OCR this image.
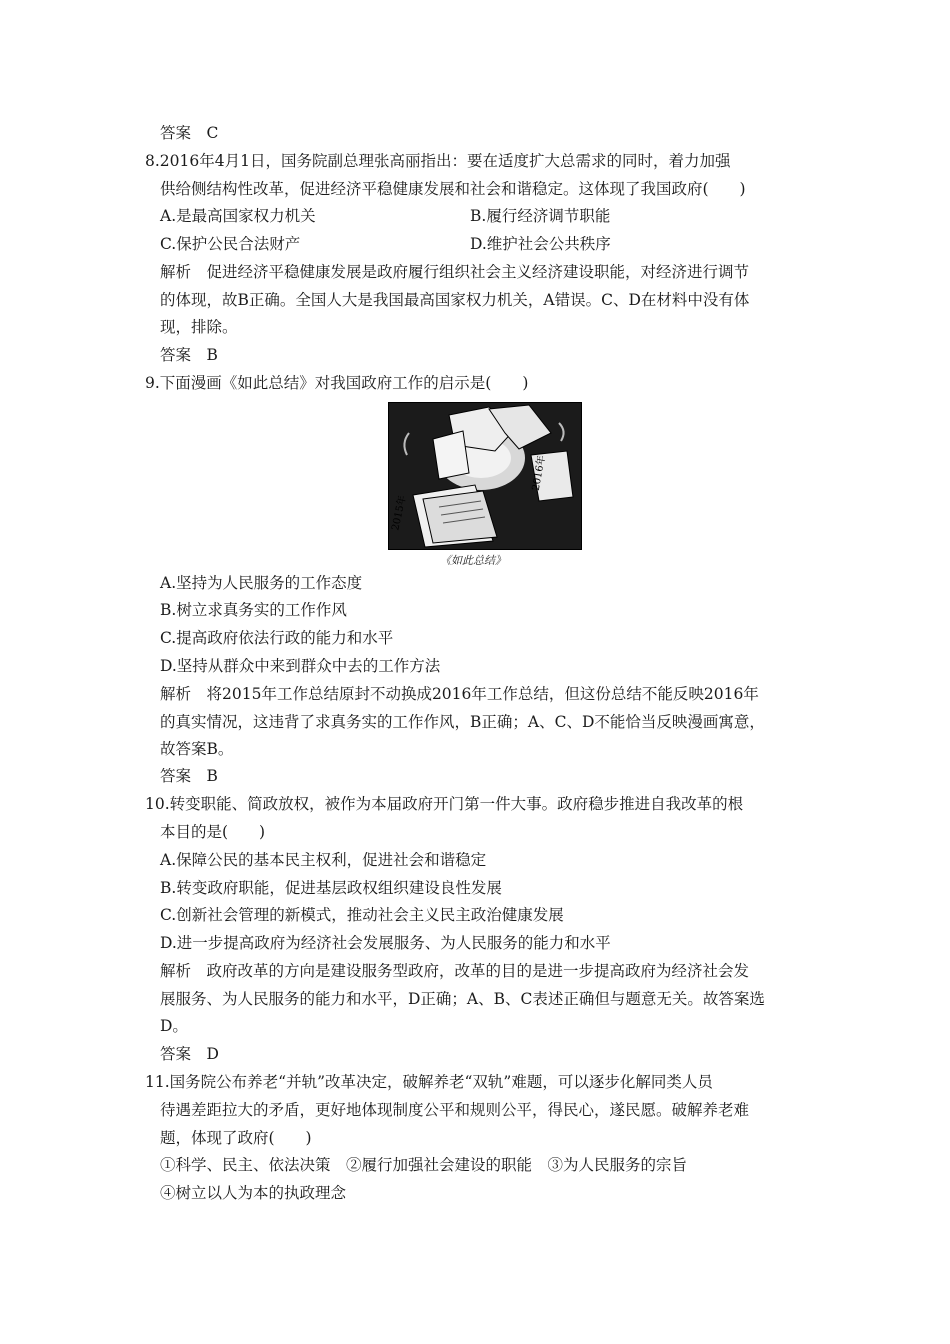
答案　C
8.2016年4月1日，国务院副总理张高丽指出：要在适度扩大总需求的同时，着力加强
供给侧结构性改革，促进经济平稳健康发展和社会和谐稳定。这体现了我国政府(　　)
A.是最高国家权力机关	B.履行经济调节职能
C.保护公民合法财产	D.维护社会公共秩序
解析　促进经济平稳健康发展是政府履行组织社会主义经济建设职能，对经济进行调节
的体现，故B正确。全国人大是我国最高国家权力机关，A错误。C、D在材料中没有体
现，排除。
答案　B
9.下面漫画《如此总结》对我国政府工作的启示是(　　)
2015年
2016年
《如此总结》
A.坚持为人民服务的工作态度
B.树立求真务实的工作作风
C.提高政府依法行政的能力和水平
D.坚持从群众中来到群众中去的工作方法
解析　将2015年工作总结原封不动换成2016年工作总结，但这份总结不能反映2016年
的真实情况，这违背了求真务实的工作作风，B正确；A、C、D不能恰当反映漫画寓意，
故答案B。
答案　B
10.转变职能、简政放权，被作为本届政府开门第一件大事。政府稳步推进自我改革的根
本目的是(　　)
A.保障公民的基本民主权利，促进社会和谐稳定
B.转变政府职能，促进基层政权组织建设良性发展
C.创新社会管理的新模式，推动社会主义民主政治健康发展
D.进一步提高政府为经济社会发展服务、为人民服务的能力和水平
解析　政府改革的方向是建设服务型政府，改革的目的是进一步提高政府为经济社会发
展服务、为人民服务的能力和水平，D正确；A、B、C表述正确但与题意无关。故答案选
D。
答案　D
11.国务院公布养老“并轨”改革决定，破解养老“双轨”难题，可以逐步化解同类人员
待遇差距拉大的矛盾，更好地体现制度公平和规则公平，得民心，遂民愿。破解养老难
题，体现了政府(　　)
①科学、民主、依法决策　②履行加强社会建设的职能　③为人民服务的宗旨
④树立以人为本的执政理念
